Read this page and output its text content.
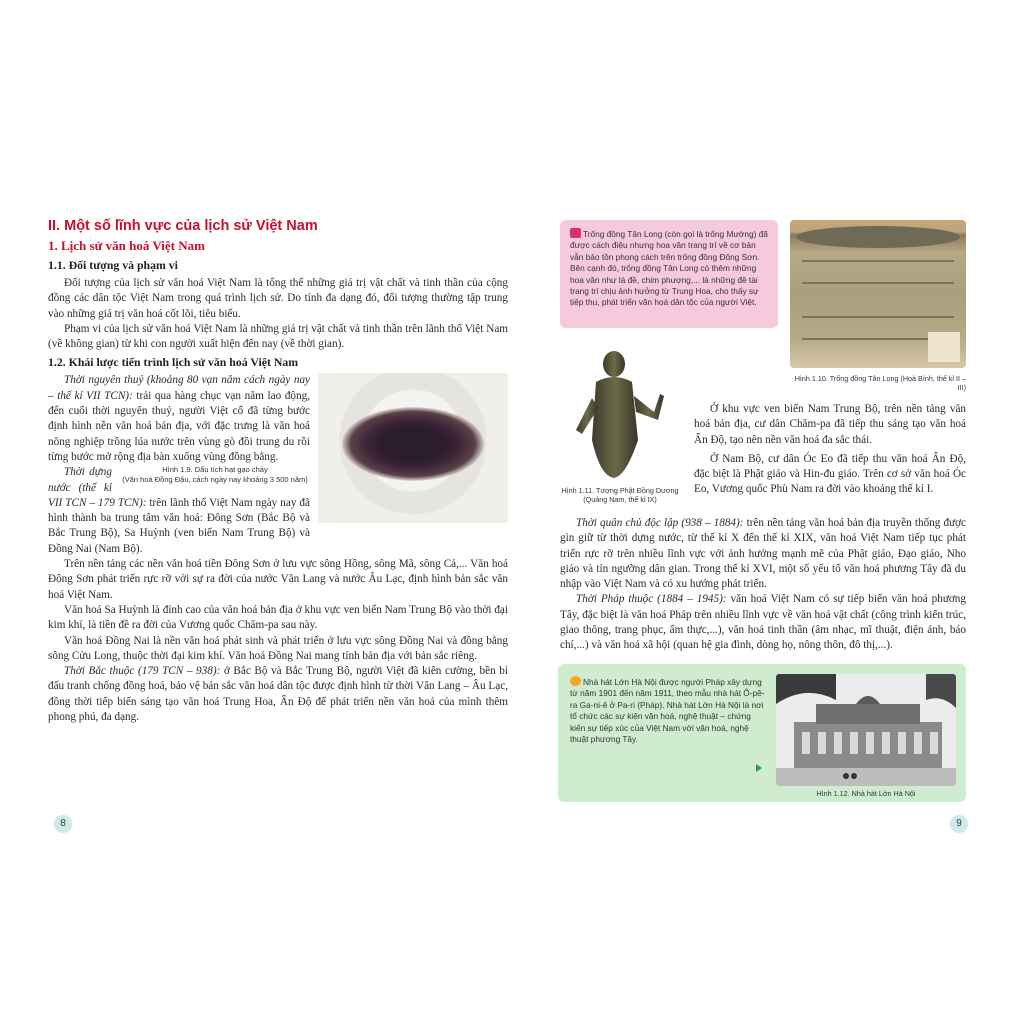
II. Một số lĩnh vực của lịch sử Việt Nam
1. Lịch sử văn hoá Việt Nam
1.1. Đối tượng và phạm vi

Đối tượng của lịch sử văn hoá Việt Nam là tổng thể những giá trị vật chất và tinh thần của cộng đồng các dân tộc Việt Nam trong quá trình lịch sử. Do tính đa dạng đó, đối tượng thường tập trung vào những giá trị văn hoá cốt lõi, tiêu biểu.

Phạm vi của lịch sử văn hoá Việt Nam là những giá trị vật chất và tinh thần trên lãnh thổ Việt Nam (về không gian) từ khi con người xuất hiện đến nay (về thời gian).

1.2. Khái lược tiến trình lịch sử văn hoá Việt Nam

Thời nguyên thuỷ (khoảng 80 vạn năm cách ngày nay – thế kỉ VII TCN): trải qua hàng chục vạn năm lao động, đến cuối thời nguyên thuỷ, người Việt cổ đã từng bước định hình nền văn hoá bản địa, với đặc trưng là văn hoá nông nghiệp trồng lúa nước trên vùng gò đồi trung du rồi từng bước mở rộng địa bàn xuống vùng đồng bằng.

Hình 1.9. Dấu tích hạt gạo cháy
(Văn hoá Đồng Đậu, cách ngày nay khoảng 3 500 năm)

Thời dựng nước (thế kỉ VII TCN – 179 TCN): trên lãnh thổ Việt Nam ngày nay đã hình thành ba trung tâm văn hoá: Đông Sơn (Bắc Bộ và Bắc Trung Bộ), Sa Huỳnh (ven biển Nam Trung Bộ) và Đồng Nai (Nam Bộ).

Trên nền tảng các nền văn hoá tiền Đông Sơn ở lưu vực sông Hồng, sông Mã, sông Cả,... Văn hoá Đông Sơn phát triển rực rỡ với sự ra đời của nước Văn Lang và nước Âu Lạc, định hình bản sắc văn hoá Việt Nam.

Văn hoá Sa Huỳnh là đỉnh cao của văn hoá bản địa ở khu vực ven biển Nam Trung Bộ vào thời đại kim khí, là tiền đề ra đời của Vương quốc Chăm-pa sau này.

Văn hoá Đồng Nai là nền văn hoá phát sinh và phát triển ở lưu vực sông Đồng Nai và đồng bằng sông Cửu Long, thuộc thời đại kim khí. Văn hoá Đồng Nai mang tính bản địa với bản sắc riêng.

Thời Bắc thuộc (179 TCN – 938): ở Bắc Bộ và Bắc Trung Bộ, người Việt đã kiên cường, bền bỉ đấu tranh chống đồng hoá, bảo vệ bản sắc văn hoá dân tộc được định hình từ thời Văn Lang – Âu Lạc, đồng thời tiếp biến sáng tạo văn hoá Trung Hoa, Ấn Độ để phát triển nền văn hoá của mình thêm phong phú, đa dạng.

8
Trống đồng Tân Long (còn gọi là trống Mường) đã được cách điệu nhưng hoa văn trang trí về cơ bản vẫn bảo tồn phong cách trên trống đồng Đông Sơn. Bên cạnh đó, trống đồng Tân Long có thêm những hoa văn như lá đề, chim phượng,... là những đề tài trang trí chịu ảnh hưởng từ Trung Hoa, cho thấy sự tiếp thu, phát triển văn hoá dân tộc của người Việt.
Hình 1.10. Trống đồng Tân Long (Hoà Bình, thế kỉ II – III)
Hình 1.11. Tượng Phật Đồng Dương
(Quảng Nam, thế kỉ IX)

Ở khu vực ven biển Nam Trung Bộ, trên nền tảng văn hoá bản địa, cư dân Chăm-pa đã tiếp thu sáng tạo văn hoá Ấn Độ, tạo nên nền văn hoá đa sắc thái.

Ở Nam Bộ, cư dân Óc Eo đã tiếp thu văn hoá Ấn Độ, đặc biệt là Phật giáo và Hin-đu giáo. Trên cơ sở văn hoá Óc Eo, Vương quốc Phù Nam ra đời vào khoảng thế kỉ I.

Thời quân chủ độc lập (938 – 1884): trên nền tảng văn hoá bản địa truyền thống được gìn giữ từ thời dựng nước, từ thế kỉ X đến thế kỉ XIX, văn hoá Việt Nam tiếp tục phát triển rực rỡ trên nhiều lĩnh vực với ảnh hưởng mạnh mẽ của Phật giáo, Đạo giáo, Nho giáo và tín ngưỡng dân gian. Trong thế kỉ XVI, một số yếu tố văn hoá phương Tây đã du nhập vào Việt Nam và có xu hướng phát triển.

Thời Pháp thuộc (1884 – 1945): văn hoá Việt Nam có sự tiếp biến văn hoá phương Tây, đặc biệt là văn hoá Pháp trên nhiều lĩnh vực về văn hoá vật chất (công trình kiến trúc, giao thông, trang phục, ẩm thực,...), văn hoá tinh thần (âm nhạc, mĩ thuật, điện ảnh, báo chí,...) và văn hoá xã hội (quan hệ gia đình, dòng họ, nông thôn, đô thị,...).

Nhà hát Lớn Hà Nội được người Pháp xây dựng từ năm 1901 đến năm 1911, theo mẫu nhà hát Ô-pê-ra Ga-ni-ê ở Pa-ri (Pháp). Nhà hát Lớn Hà Nội là nơi tổ chức các sự kiện văn hoá, nghệ thuật – chứng kiến sự tiếp xúc của Việt Nam với văn hoá, nghệ thuật phương Tây.
Hình 1.12. Nhà hát Lớn Hà Nội
9
